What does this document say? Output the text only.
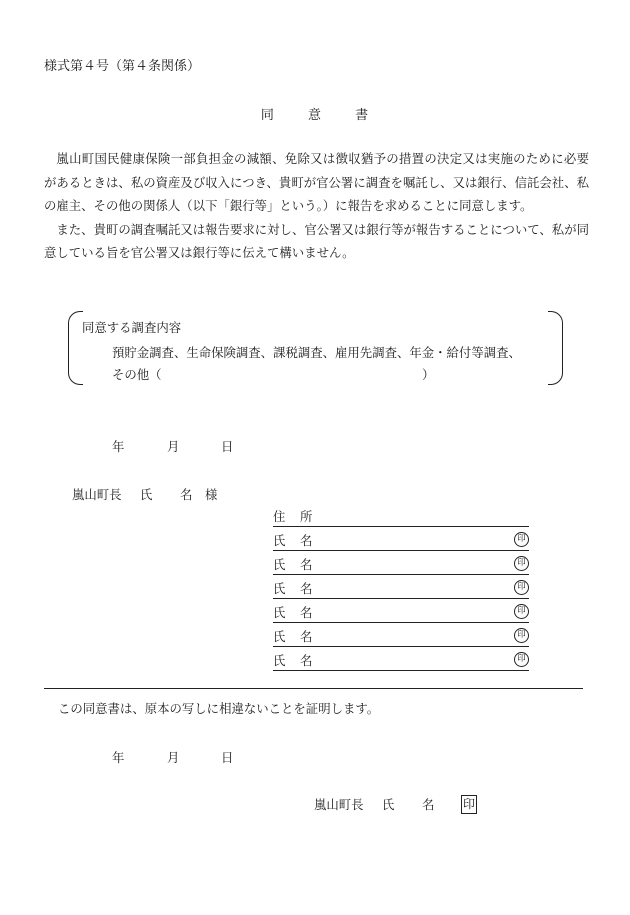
様式第４号（第４条関係）
同	意	書

嵐山町国民健康保険一部負担金の減額、免除又は徴収猶予の措置の決定又は実施のために必要があるときは、私の資産及び収入につき、貴町が官公署に調査を嘱託し、又は銀行、信託会社、私の雇主、その他の関係人（以下「銀行等」という。）に報告を求めることに同意します。

また、貴町の調査嘱託又は報告要求に対し、官公署又は銀行等が報告することについて、私が同意している旨を官公署又は銀行等に伝えて構いません。

同意する調査内容
預貯金調査、生命保険調査、課税調査、雇用先調査、年金・給付等調査、
その他（	）
年	月	日
嵐山町長 氏 名 様
住 所
氏 名	印
氏 名	印
氏 名	印
氏 名	印
氏 名	印
氏 名	印
この同意書は、原本の写しに相違ないことを証明します。
年	月	日
嵐山町長 氏 名 印
